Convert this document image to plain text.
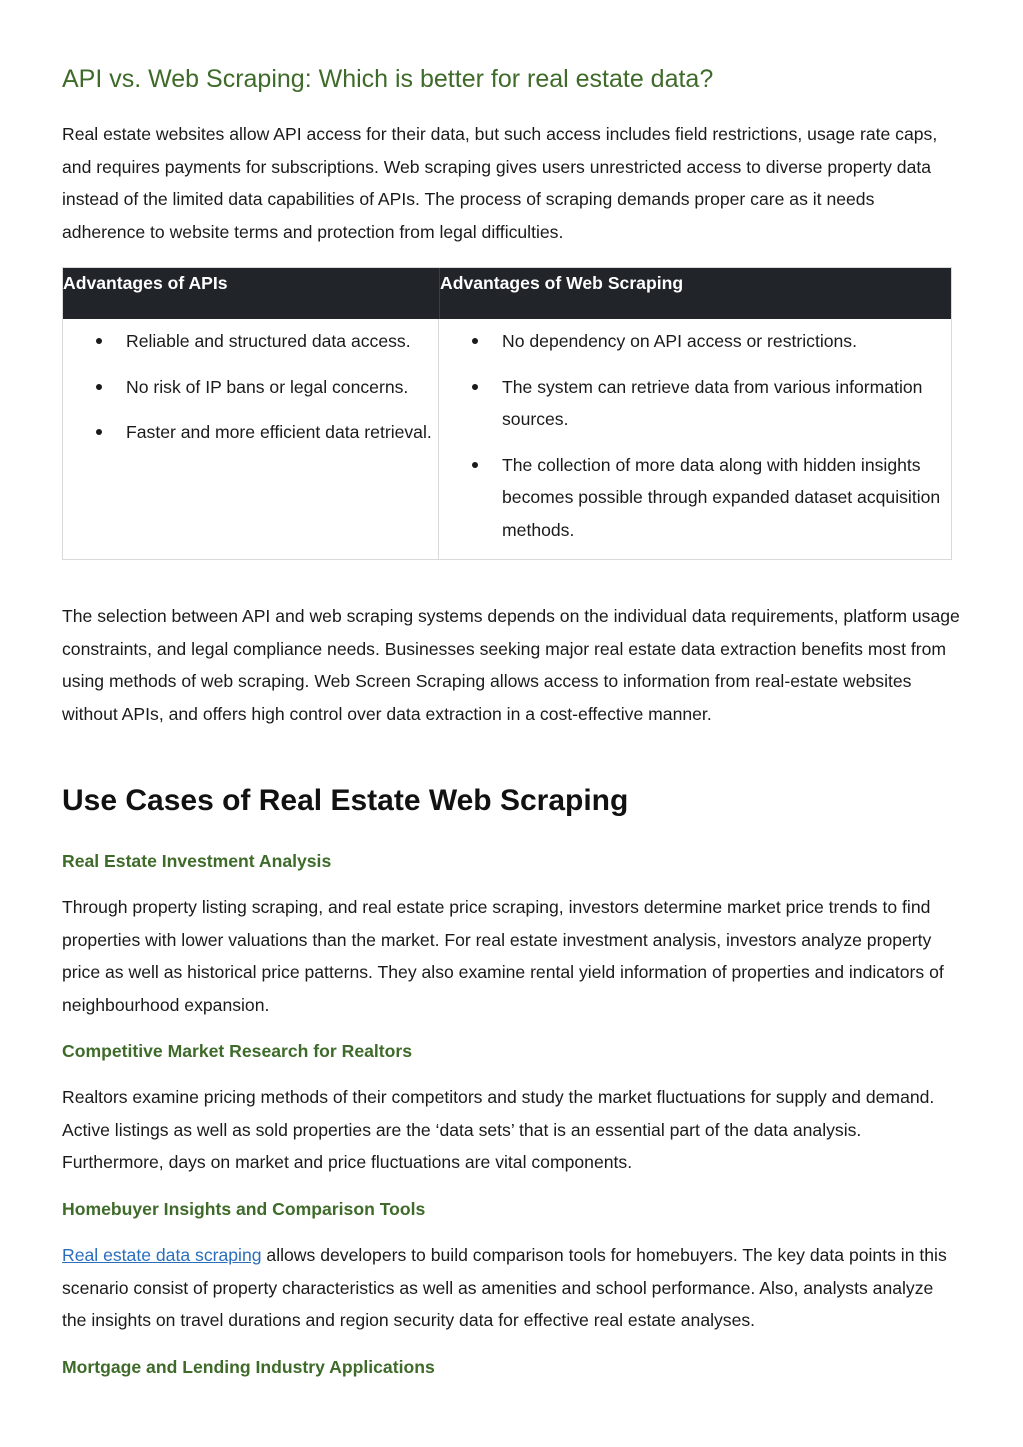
API vs. Web Scraping: Which is better for real estate data?

Real estate websites allow API access for their data, but such access includes field restrictions, usage rate caps, and requires payments for subscriptions. Web scraping gives users unrestricted access to diverse property data instead of the limited data capabilities of APIs. The process of scraping demands proper care as it needs adherence to website terms and protection from legal difficulties.

Advantages of APIs	Advantages of Web Scraping
Reliable and structured data access.
No risk of IP bans or legal concerns.
Faster and more efficient data retrieval.
No dependency on API access or restrictions.
The system can retrieve data from various information sources.
The collection of more data along with hidden insights becomes possible through expanded dataset acquisition methods.

The selection between API and web scraping systems depends on the individual data requirements, platform usage constraints, and legal compliance needs. Businesses seeking major real estate data extraction benefits most from using methods of web scraping. Web Screen Scraping allows access to information from real-estate websites without APIs, and offers high control over data extraction in a cost-effective manner.

Use Cases of Real Estate Web Scraping
Real Estate Investment Analysis

Through property listing scraping, and real estate price scraping, investors determine market price trends to find properties with lower valuations than the market. For real estate investment analysis, investors analyze property price as well as historical price patterns. They also examine rental yield information of properties and indicators of neighbourhood expansion.

Competitive Market Research for Realtors

Realtors examine pricing methods of their competitors and study the market fluctuations for supply and demand. Active listings as well as sold properties are the ‘data sets’ that is an essential part of the data analysis. Furthermore, days on market and price fluctuations are vital components.

Homebuyer Insights and Comparison Tools

Real estate data scraping allows developers to build comparison tools for homebuyers. The key data points in this scenario consist of property characteristics as well as amenities and school performance. Also, analysts analyze the insights on travel durations and region security data for effective real estate analyses.

Mortgage and Lending Industry Applications
